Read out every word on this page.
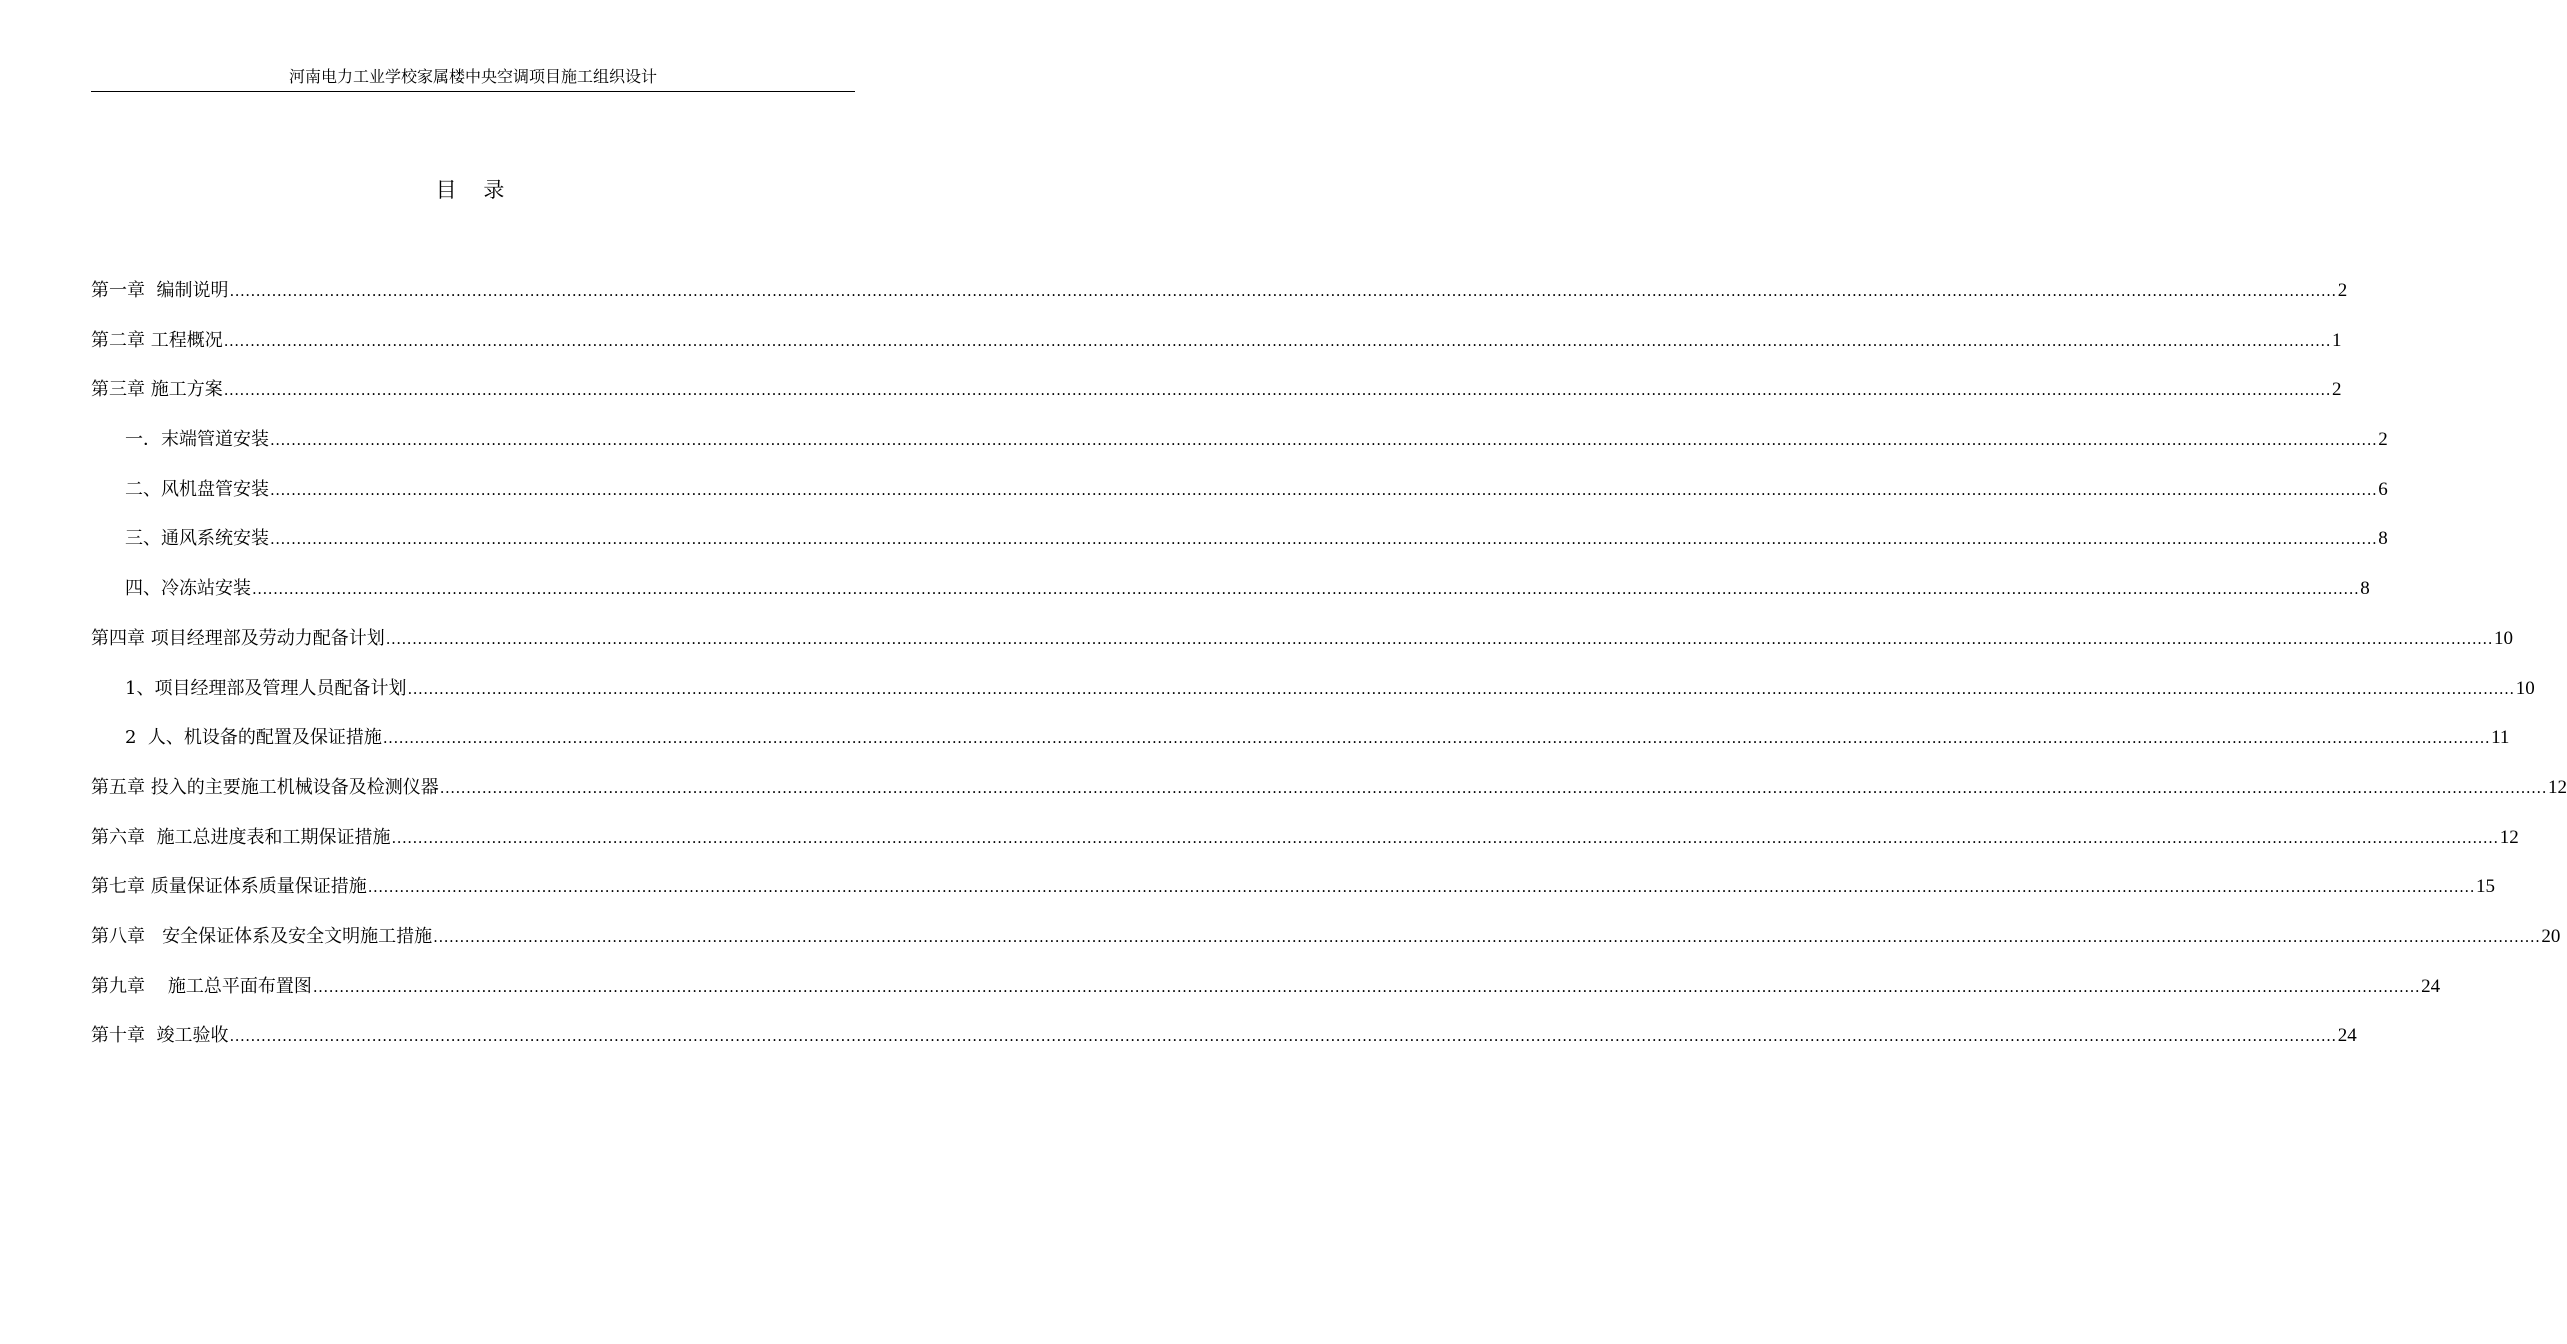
河南电力工业学校家属楼中央空调项目施工组织设计
目 录
第一章  编制说明 ................................................................................................................................................................................................................................................................................................................................................................................................................ 2
第二章 工程概况 ................................................................................................................................................................................................................................................................................................................................................................................................................ 1
第三章 施工方案 ................................................................................................................................................................................................................................................................................................................................................................................................................ 2
一．末端管道安装 ................................................................................................................................................................................................................................................................................................................................................................................................................ 2
二、风机盘管安装 ................................................................................................................................................................................................................................................................................................................................................................................................................ 6
三、通风系统安装 ................................................................................................................................................................................................................................................................................................................................................................................................................ 8
四、冷冻站安装 ................................................................................................................................................................................................................................................................................................................................................................................................................ 8
第四章 项目经理部及劳动力配备计划 ................................................................................................................................................................................................................................................................................................................................................................................................................ 10
1、项目经理部及管理人员配备计划 ................................................................................................................................................................................................................................................................................................................................................................................................................ 10
2  人、机设备的配置及保证措施 ................................................................................................................................................................................................................................................................................................................................................................................................................ 11
第五章 投入的主要施工机械设备及检测仪器 ................................................................................................................................................................................................................................................................................................................................................................................................................ 12
第六章  施工总进度表和工期保证措施 ................................................................................................................................................................................................................................................................................................................................................................................................................ 12
第七章 质量保证体系质量保证措施 ................................................................................................................................................................................................................................................................................................................................................................................................................ 15
第八章   安全保证体系及安全文明施工措施 ................................................................................................................................................................................................................................................................................................................................................................................................................ 20
第九章    施工总平面布置图 ................................................................................................................................................................................................................................................................................................................................................................................................................ 24
第十章  竣工验收 ................................................................................................................................................................................................................................................................................................................................................................................................................ 24
